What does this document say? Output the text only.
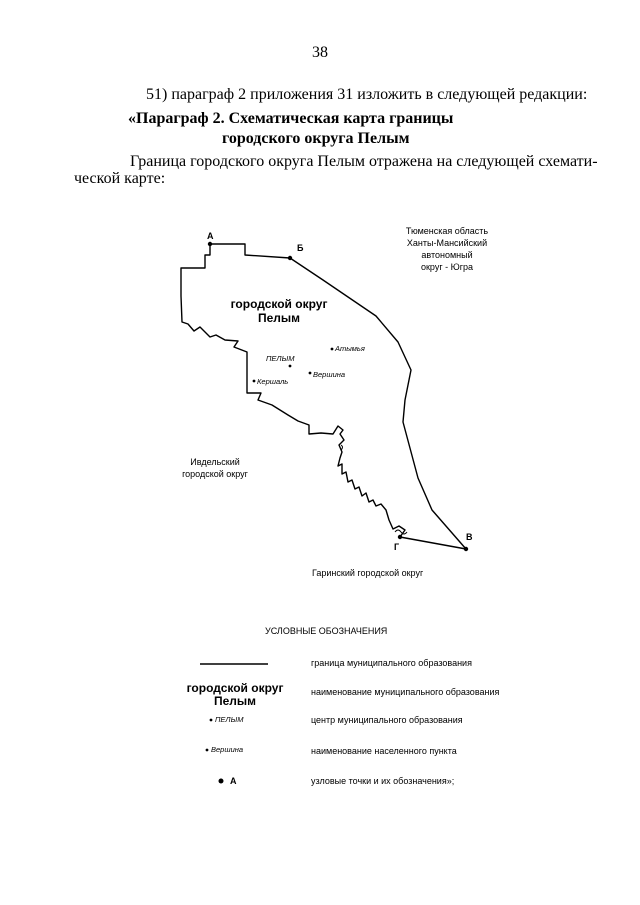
38
51) параграф 2 приложения 31 изложить в следующей редакции:
«Параграф 2. Схематическая карта границы
городского округа Пелым
Граница городского округа Пелым отражена на следующей схемати-
ческой карте:
Тюменская область
Ханты-Мансийский
автономный
округ - Югра
Ивдельский
городской округ
Гаринский городской округ
городской округ
Пелым
ПЕЛЫМ
Атымья
Вершина
Кершаль
А
Б
В
Г
УСЛОВНЫЕ ОБОЗНАЧЕНИЯ
граница муниципального образования
городской округ
Пелым
наименование муниципального образования
ПЕЛЫМ	центр муниципального образования
Вершина	наименование населенного пункта
А	узловые точки и их обозначения»;
